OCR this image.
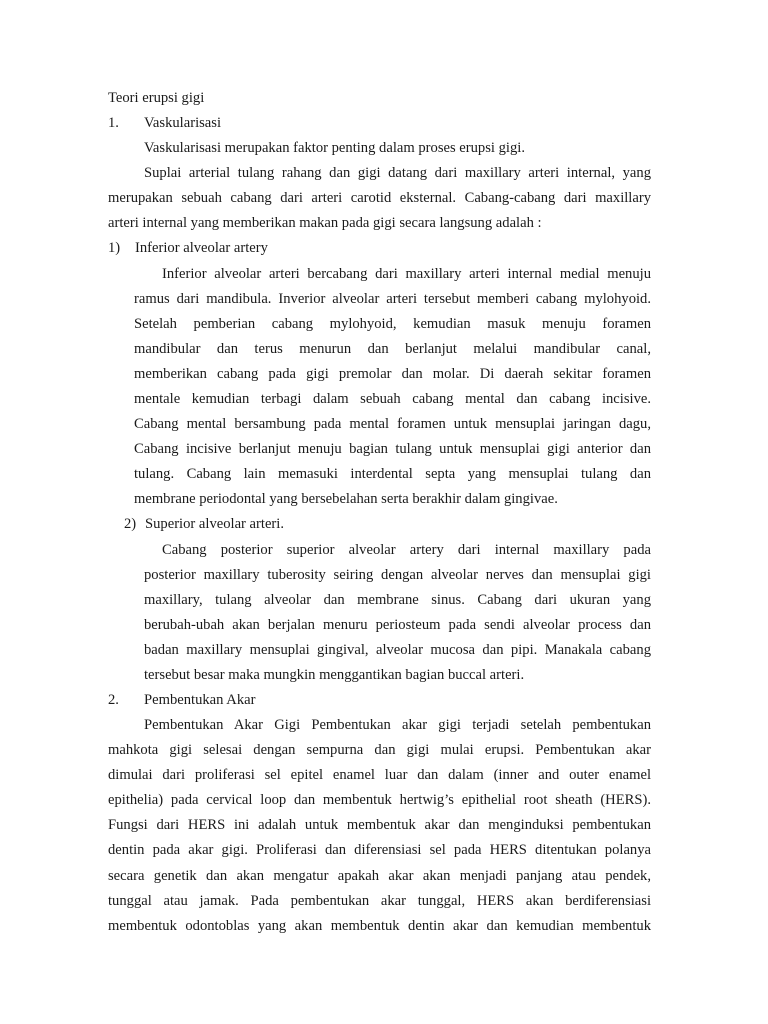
Teori erupsi gigi
1. Vaskularisasi
Vaskularisasi merupakan faktor penting dalam proses erupsi gigi.
Suplai arterial tulang rahang dan gigi datang dari maxillary arteri internal, yang
merupakan sebuah cabang dari arteri carotid eksternal. Cabang-cabang dari maxillary
arteri internal yang memberikan makan pada gigi secara langsung adalah :
1) Inferior alveolar artery
Inferior alveolar arteri bercabang dari maxillary arteri internal medial menuju
ramus dari mandibula. Inverior alveolar arteri tersebut memberi cabang mylohyoid.
Setelah pemberian cabang mylohyoid, kemudian masuk menuju foramen
mandibular dan terus menurun dan berlanjut melalui mandibular canal,
memberikan cabang pada gigi premolar dan molar. Di daerah sekitar foramen
mentale kemudian terbagi dalam sebuah cabang mental dan cabang incisive.
Cabang mental bersambung pada mental foramen untuk mensuplai jaringan dagu,
Cabang incisive berlanjut menuju bagian tulang untuk mensuplai gigi anterior dan
tulang. Cabang lain memasuki interdental septa yang mensuplai tulang dan
membrane periodontal yang bersebelahan serta berakhir dalam gingivae.
2) Superior alveolar arteri.
Cabang posterior superior alveolar artery dari internal maxillary pada
posterior maxillary tuberosity seiring dengan alveolar nerves dan mensuplai gigi
maxillary, tulang alveolar dan membrane sinus. Cabang dari ukuran yang
berubah-ubah akan berjalan menuru periosteum pada sendi alveolar process dan
badan maxillary mensuplai gingival, alveolar mucosa dan pipi. Manakala cabang
tersebut besar maka mungkin menggantikan bagian buccal arteri.
2. Pembentukan Akar
Pembentukan Akar Gigi Pembentukan akar gigi terjadi setelah pembentukan
mahkota gigi selesai dengan sempurna dan gigi mulai erupsi. Pembentukan akar
dimulai dari proliferasi sel epitel enamel luar dan dalam (inner and outer enamel
epithelia) pada cervical loop dan membentuk hertwig’s epithelial root sheath (HERS).
Fungsi dari HERS ini adalah untuk membentuk akar dan menginduksi pembentukan
dentin pada akar gigi. Proliferasi dan diferensiasi sel pada HERS ditentukan polanya
secara genetik dan akan mengatur apakah akar akan menjadi panjang atau pendek,
tunggal atau jamak. Pada pembentukan akar tunggal, HERS akan berdiferensiasi
membentuk odontoblas yang akan membentuk dentin akar dan kemudian membentuk
